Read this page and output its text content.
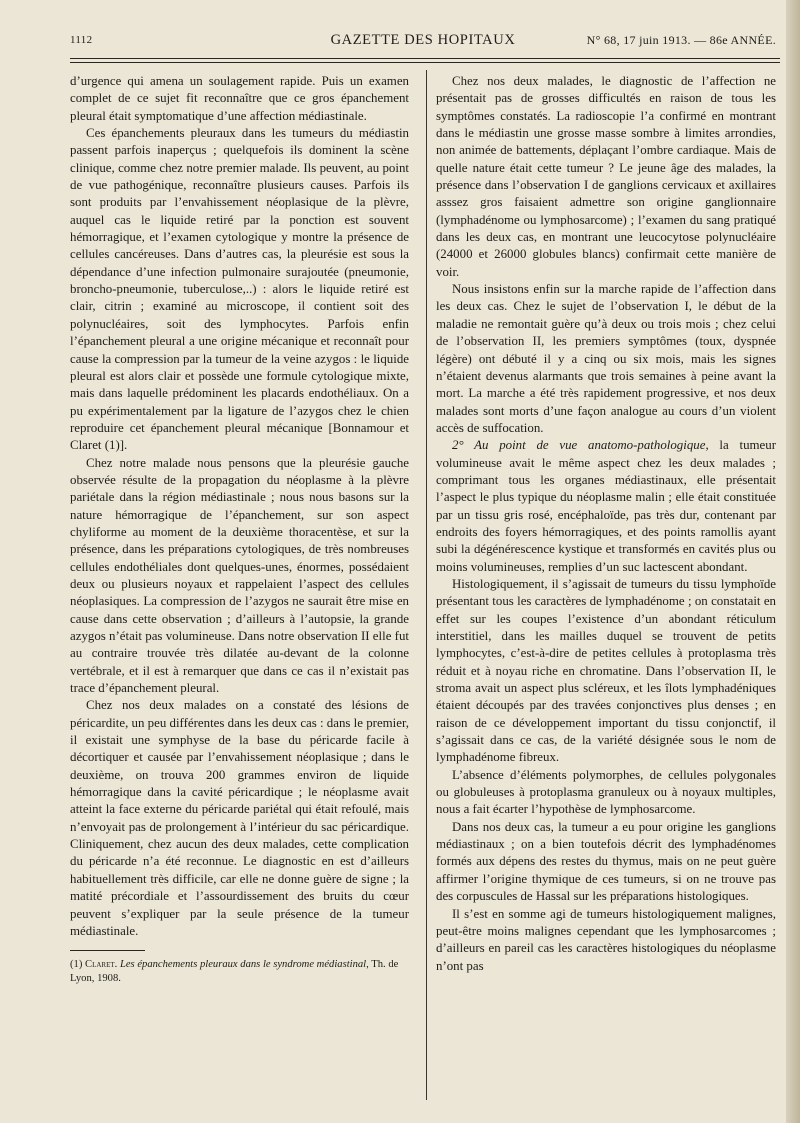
1112	GAZETTE DES HOPITAUX	N° 68, 17 juin 1913. — 86e ANNÉE.

d’urgence qui amena un soulagement rapide. Puis un examen complet de ce sujet fit reconnaître que ce gros épanchement pleural était symptomatique d’une affection médiastinale.

Ces épanchements pleuraux dans les tumeurs du médiastin passent parfois inaperçus ; quelquefois ils dominent la scène clinique, comme chez notre premier malade. Ils peuvent, au point de vue pathogénique, reconnaître plusieurs causes. Parfois ils sont produits par l’envahissement néoplasique de la plèvre, auquel cas le liquide retiré par la ponction est souvent hémorragique, et l’examen cytologique y montre la présence de cellules cancéreuses. Dans d’autres cas, la pleurésie est sous la dépendance d’une infection pulmonaire surajoutée (pneumonie, broncho-pneumonie, tuberculose,..) : alors le liquide retiré est clair, citrin ; examiné au microscope, il contient soit des polynucléaires, soit des lymphocytes. Parfois enfin l’épanchement pleural a une origine mécanique et reconnaît pour cause la compression par la tumeur de la veine azygos : le liquide pleural est alors clair et possède une formule cytologique mixte, mais dans laquelle prédominent les placards endothéliaux. On a pu expérimentalement par la ligature de l’azygos chez le chien reproduire cet épanchement pleural mécanique [Bonnamour et Claret (1)].

Chez notre malade nous pensons que la pleurésie gauche observée résulte de la propagation du néoplasme à la plèvre pariétale dans la région médiastinale ; nous nous basons sur la nature hémorragique de l’épanchement, sur son aspect chyliforme au moment de la deuxième thoracentèse, et sur la présence, dans les préparations cytologiques, de très nombreuses cellules endothéliales dont quelques-unes, énormes, possédaient deux ou plusieurs noyaux et rappelaient l’aspect des cellules néoplasiques. La compression de l’azygos ne saurait être mise en cause dans cette observation ; d’ailleurs à l’autopsie, la grande azygos n’était pas volumineuse. Dans notre observation II elle fut au contraire trouvée très dilatée au-devant de la colonne vertébrale, et il est à remarquer que dans ce cas il n’existait pas trace d’épanchement pleural.

Chez nos deux malades on a constaté des lésions de péricardite, un peu différentes dans les deux cas : dans le premier, il existait une symphyse de la base du péricarde facile à décortiquer et causée par l’envahissement néoplasique ; dans le deuxième, on trouva 200 grammes environ de liquide hémorragique dans la cavité péricardique ; le néoplasme avait atteint la face externe du péricarde pariétal qui était refoulé, mais n’envoyait pas de prolongement à l’intérieur du sac péricardique. Cliniquement, chez aucun des deux malades, cette complication du péricarde n’a été reconnue. Le diagnostic en est d’ailleurs habituellement très difficile, car elle ne donne guère de signe ; la matité précordiale et l’assourdissement des bruits du cœur peuvent s’expliquer par la seule présence de la tumeur médiastinale.

(1) Claret. Les épanchements pleuraux dans le syndrome médiastinal, Th. de Lyon, 1908.

Chez nos deux malades, le diagnostic de l’affection ne présentait pas de grosses difficultés en raison de tous les symptômes constatés. La radioscopie l’a confirmé en montrant dans le médiastin une grosse masse sombre à limites arrondies, non animée de battements, déplaçant l’ombre cardiaque. Mais de quelle nature était cette tumeur ? Le jeune âge des malades, la présence dans l’observation I de ganglions cervicaux et axillaires asssez gros faisaient admettre son origine ganglionnaire (lymphadénome ou lymphosarcome) ; l’examen du sang pratiqué dans les deux cas, en montrant une leucocytose polynucléaire (24000 et 26000 globules blancs) confirmait cette manière de voir.

Nous insistons enfin sur la marche rapide de l’affection dans les deux cas. Chez le sujet de l’observation I, le début de la maladie ne remontait guère qu’à deux ou trois mois ; chez celui de l’observation II, les premiers symptômes (toux, dyspnée légère) ont débuté il y a cinq ou six mois, mais les signes n’étaient devenus alarmants que trois semaines à peine avant la mort. La marche a été très rapidement progressive, et nos deux malades sont morts d’une façon analogue au cours d’un violent accès de suffocation.

2° Au point de vue anatomo-pathologique, la tumeur volumineuse avait le même aspect chez les deux malades ; comprimant tous les organes médiastinaux, elle présentait l’aspect le plus typique du néoplasme malin ; elle était constituée par un tissu gris rosé, encéphaloïde, pas très dur, contenant par endroits des foyers hémorragiques, et des points ramollis ayant subi la dégénérescence kystique et transformés en cavités plus ou moins volumineuses, remplies d’un suc lactescent abondant.

Histologiquement, il s’agissait de tumeurs du tissu lymphoïde présentant tous les caractères de lymphadénome ; on constatait en effet sur les coupes l’existence d’un abondant réticulum interstitiel, dans les mailles duquel se trouvent de petits lymphocytes, c’est-à-dire de petites cellules à protoplasma très réduit et à noyau riche en chromatine. Dans l’observation II, le stroma avait un aspect plus scléreux, et les îlots lymphadéniques étaient découpés par des travées conjonctives plus denses ; en raison de ce développement important du tissu conjonctif, il s’agissait dans ce cas, de la variété désignée sous le nom de lymphadénome fibreux.

L’absence d’éléments polymorphes, de cellules polygonales ou globuleuses à protoplasma granuleux ou à noyaux multiples, nous a fait écarter l’hypothèse de lymphosarcome.

Dans nos deux cas, la tumeur a eu pour origine les ganglions médiastinaux ; on a bien toutefois décrit des lymphadénomes formés aux dépens des restes du thymus, mais on ne peut guère affirmer l’origine thymique de ces tumeurs, si on ne trouve pas des corpuscules de Hassal sur les préparations histologiques.

Il s’est en somme agi de tumeurs histologiquement malignes, peut-être moins malignes cependant que les lymphosarcomes ; d’ailleurs en pareil cas les caractères histologiques du néoplasme n’ont pas
